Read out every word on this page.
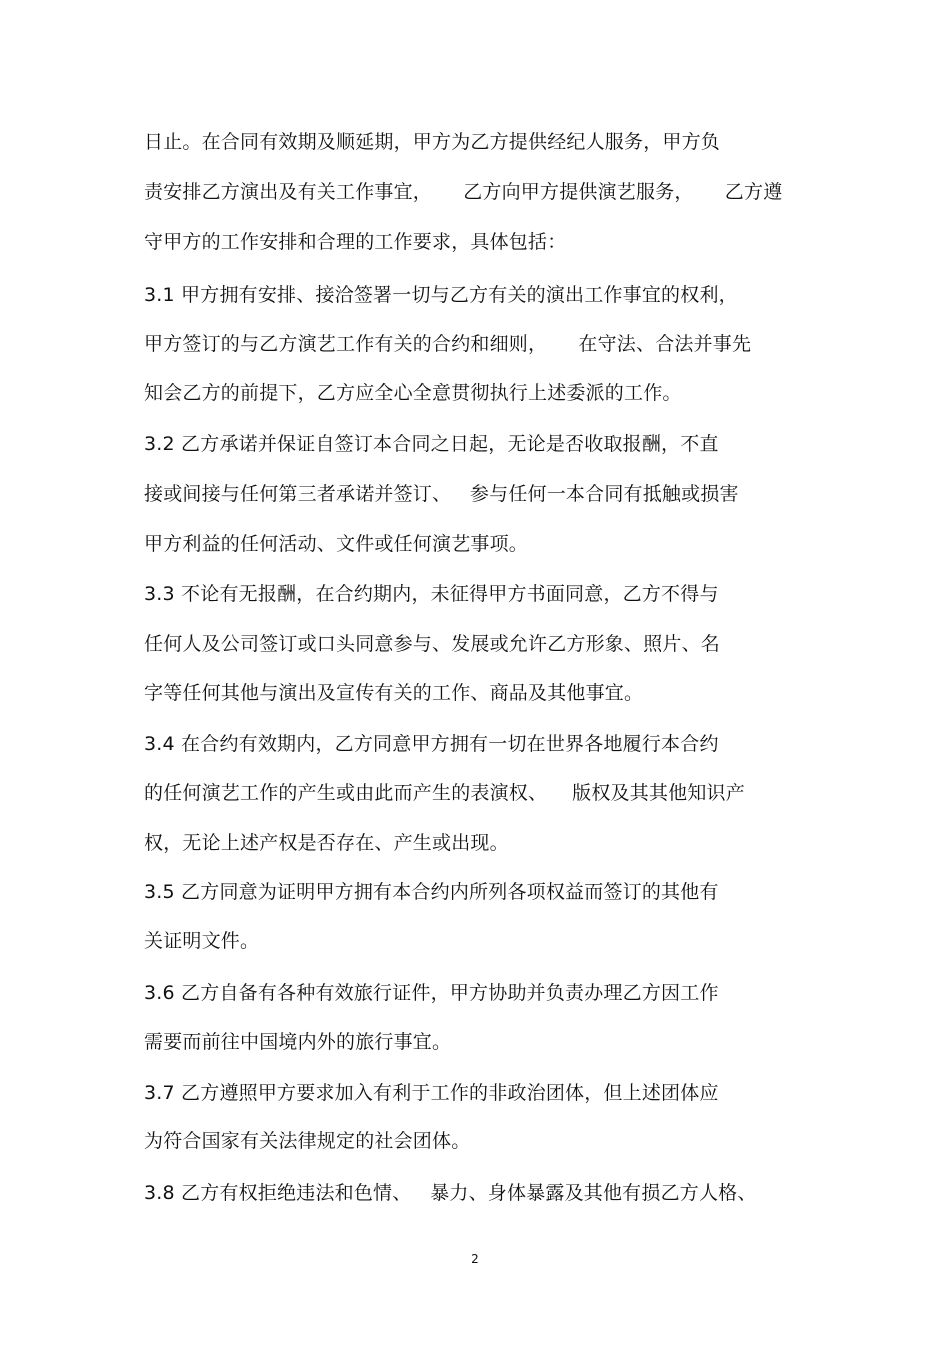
日止。在合同有效期及顺延期，甲方为乙方提供经纪人服务，甲方负
责安排乙方演出及有关工作事宜，     乙方向甲方提供演艺服务，     乙方遵
守甲方的工作安排和合理的工作要求，具体包括：
3.1 甲方拥有安排、接洽签署一切与乙方有关的演出工作事宜的权利，
甲方签订的与乙方演艺工作有关的合约和细则，     在守法、合法并事先
知会乙方的前提下，乙方应全心全意贯彻执行上述委派的工作。
3.2 乙方承诺并保证自签订本合同之日起，无论是否收取报酬，不直
接或间接与任何第三者承诺并签订、   参与任何一本合同有抵触或损害
甲方利益的任何活动、文件或任何演艺事项。
3.3 不论有无报酬，在合约期内，未征得甲方书面同意，乙方不得与
任何人及公司签订或口头同意参与、发展或允许乙方形象、照片、名
字等任何其他与演出及宣传有关的工作、商品及其他事宜。
3.4 在合约有效期内，乙方同意甲方拥有一切在世界各地履行本合约
的任何演艺工作的产生或由此而产生的表演权、    版权及其其他知识产
权，无论上述产权是否存在、产生或出现。
3.5 乙方同意为证明甲方拥有本合约内所列各项权益而签订的其他有
关证明文件。
3.6 乙方自备有各种有效旅行证件，甲方协助并负责办理乙方因工作
需要而前往中国境内外的旅行事宜。
3.7 乙方遵照甲方要求加入有利于工作的非政治团体，但上述团体应
为符合国家有关法律规定的社会团体。
3.8 乙方有权拒绝违法和色情、   暴力、身体暴露及其他有损乙方人格、
2
